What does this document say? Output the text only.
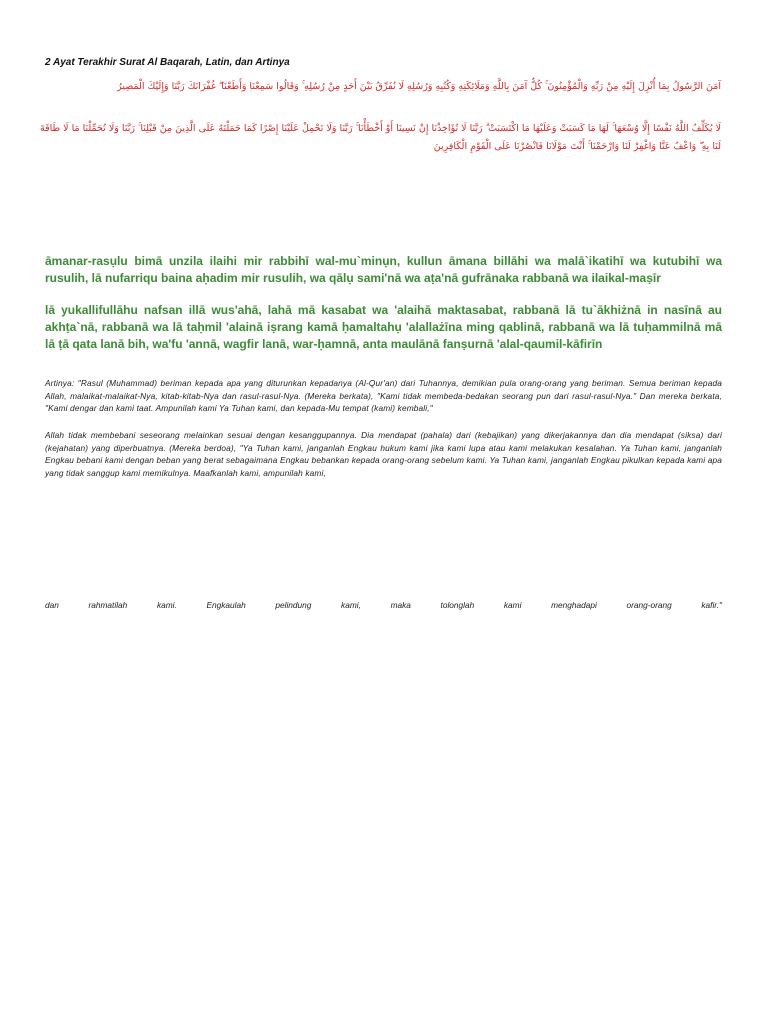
2 Ayat Terakhir Surat Al Baqarah, Latin, dan Artinya
آمَنَ الرَّسُولُ بِمَا أُنْزِلَ إِلَيْهِ مِنْ رَبِّهِ وَالْمُؤْمِنُونَ ۚ كُلٌّ آمَنَ بِاللَّهِ وَمَلَائِكَتِهِ وَكُتُبِهِ وَرُسُلِهِ لَا نُفَرِّقُ بَيْنَ أَحَدٍ مِنْ رُسُلِهِ ۚ وَقَالُوا سَمِعْنَا وَأَطَعْنَا ۖ غُفْرَانَكَ رَبَّنَا وَإِلَيْكَ الْمَصِيرُ
لَا يُكَلِّفُ اللَّهُ نَفْسًا إِلَّا وُسْعَهَا ۚ لَهَا مَا كَسَبَتْ وَعَلَيْهَا مَا اكْتَسَبَتْ ۗ رَبَّنَا لَا تُؤَاخِذْنَا إِنْ نَسِينَا أَوْ أَخْطَأْنَا ۚ رَبَّنَا وَلَا تَحْمِلْ عَلَيْنَا إِصْرًا كَمَا حَمَلْتَهُ عَلَى الَّذِينَ مِنْ قَبْلِنَا ۚ رَبَّنَا وَلَا تُحَمِّلْنَا مَا لَا طَاقَةَ لَنَا بِهِ ۖ وَاعْفُ عَنَّا وَاغْفِرْ لَنَا وَارْحَمْنَا ۚ أَنْتَ مَوْلَانَا فَانْصُرْنَا عَلَى الْقَوْمِ الْكَافِرِينَ
āmanar-rasụlu bimā unzila ilaihi mir rabbihī wal-mu`minụn, kullun āmana billāhi wa malā`ikatihī wa kutubihī wa rusulih, lā nufarriqu baina aḥadim mir rusulih, wa qālụ sami'nā wa aṭa'nā gufrānaka rabbanā wa ilaikal-maṣīr
lā yukallifullāhu nafsan illā wus'ahā, lahā mā kasabat wa 'alaihā maktasabat, rabbanā lā tu`ākhiżnā in nasīnā au akhṭa`nā, rabbanā wa lā taḥmil 'alainā iṣrang kamā ḥamaltahụ 'alallażīna ming qablinā, rabbanā wa lā tuḥammilnā mā lā ṭā qata lanā bih, wa'fu 'annā, wagfir lanā, war-ḥamnā, anta maulānā fanṣurnā 'alal-qaumil-kāfirīn
Artinya: "Rasul (Muhammad) beriman kepada apa yang diturunkan kepadanya (Al-Qur'an) dari Tuhannya, demikian pula orang-orang yang beriman. Semua beriman kepada Allah, malaikat-malaikat-Nya, kitab-kitab-Nya dan rasul-rasul-Nya. (Mereka berkata), "Kami tidak membeda-bedakan seorang pun dari rasul-rasul-Nya." Dan mereka berkata, "Kami dengar dan kami taat. Ampunilah kami Ya Tuhan kami, dan kepada-Mu tempat (kami) kembali,"
Allah tidak membebani seseorang melainkan sesuai dengan kesanggupannya. Dia mendapat (pahala) dari (kebajikan) yang dikerjakannya dan dia mendapat (siksa) dari (kejahatan) yang diperbuatnya. (Mereka berdoa), "Ya Tuhan kami, janganlah Engkau hukum kami jika kami lupa atau kami melakukan kesalahan. Ya Tuhan kami, janganlah Engkau bebani kami dengan beban yang berat sebagaimana Engkau bebankan kepada orang-orang sebelum kami. Ya Tuhan kami, janganlah Engkau pikulkan kepada kami apa yang tidak sanggup kami memikulnya. Maafkanlah kami, ampunilah kami,
dan rahmatilah kami. Engkaulah pelindung kami, maka tolonglah kami menghadapi orang-orang kafir."
